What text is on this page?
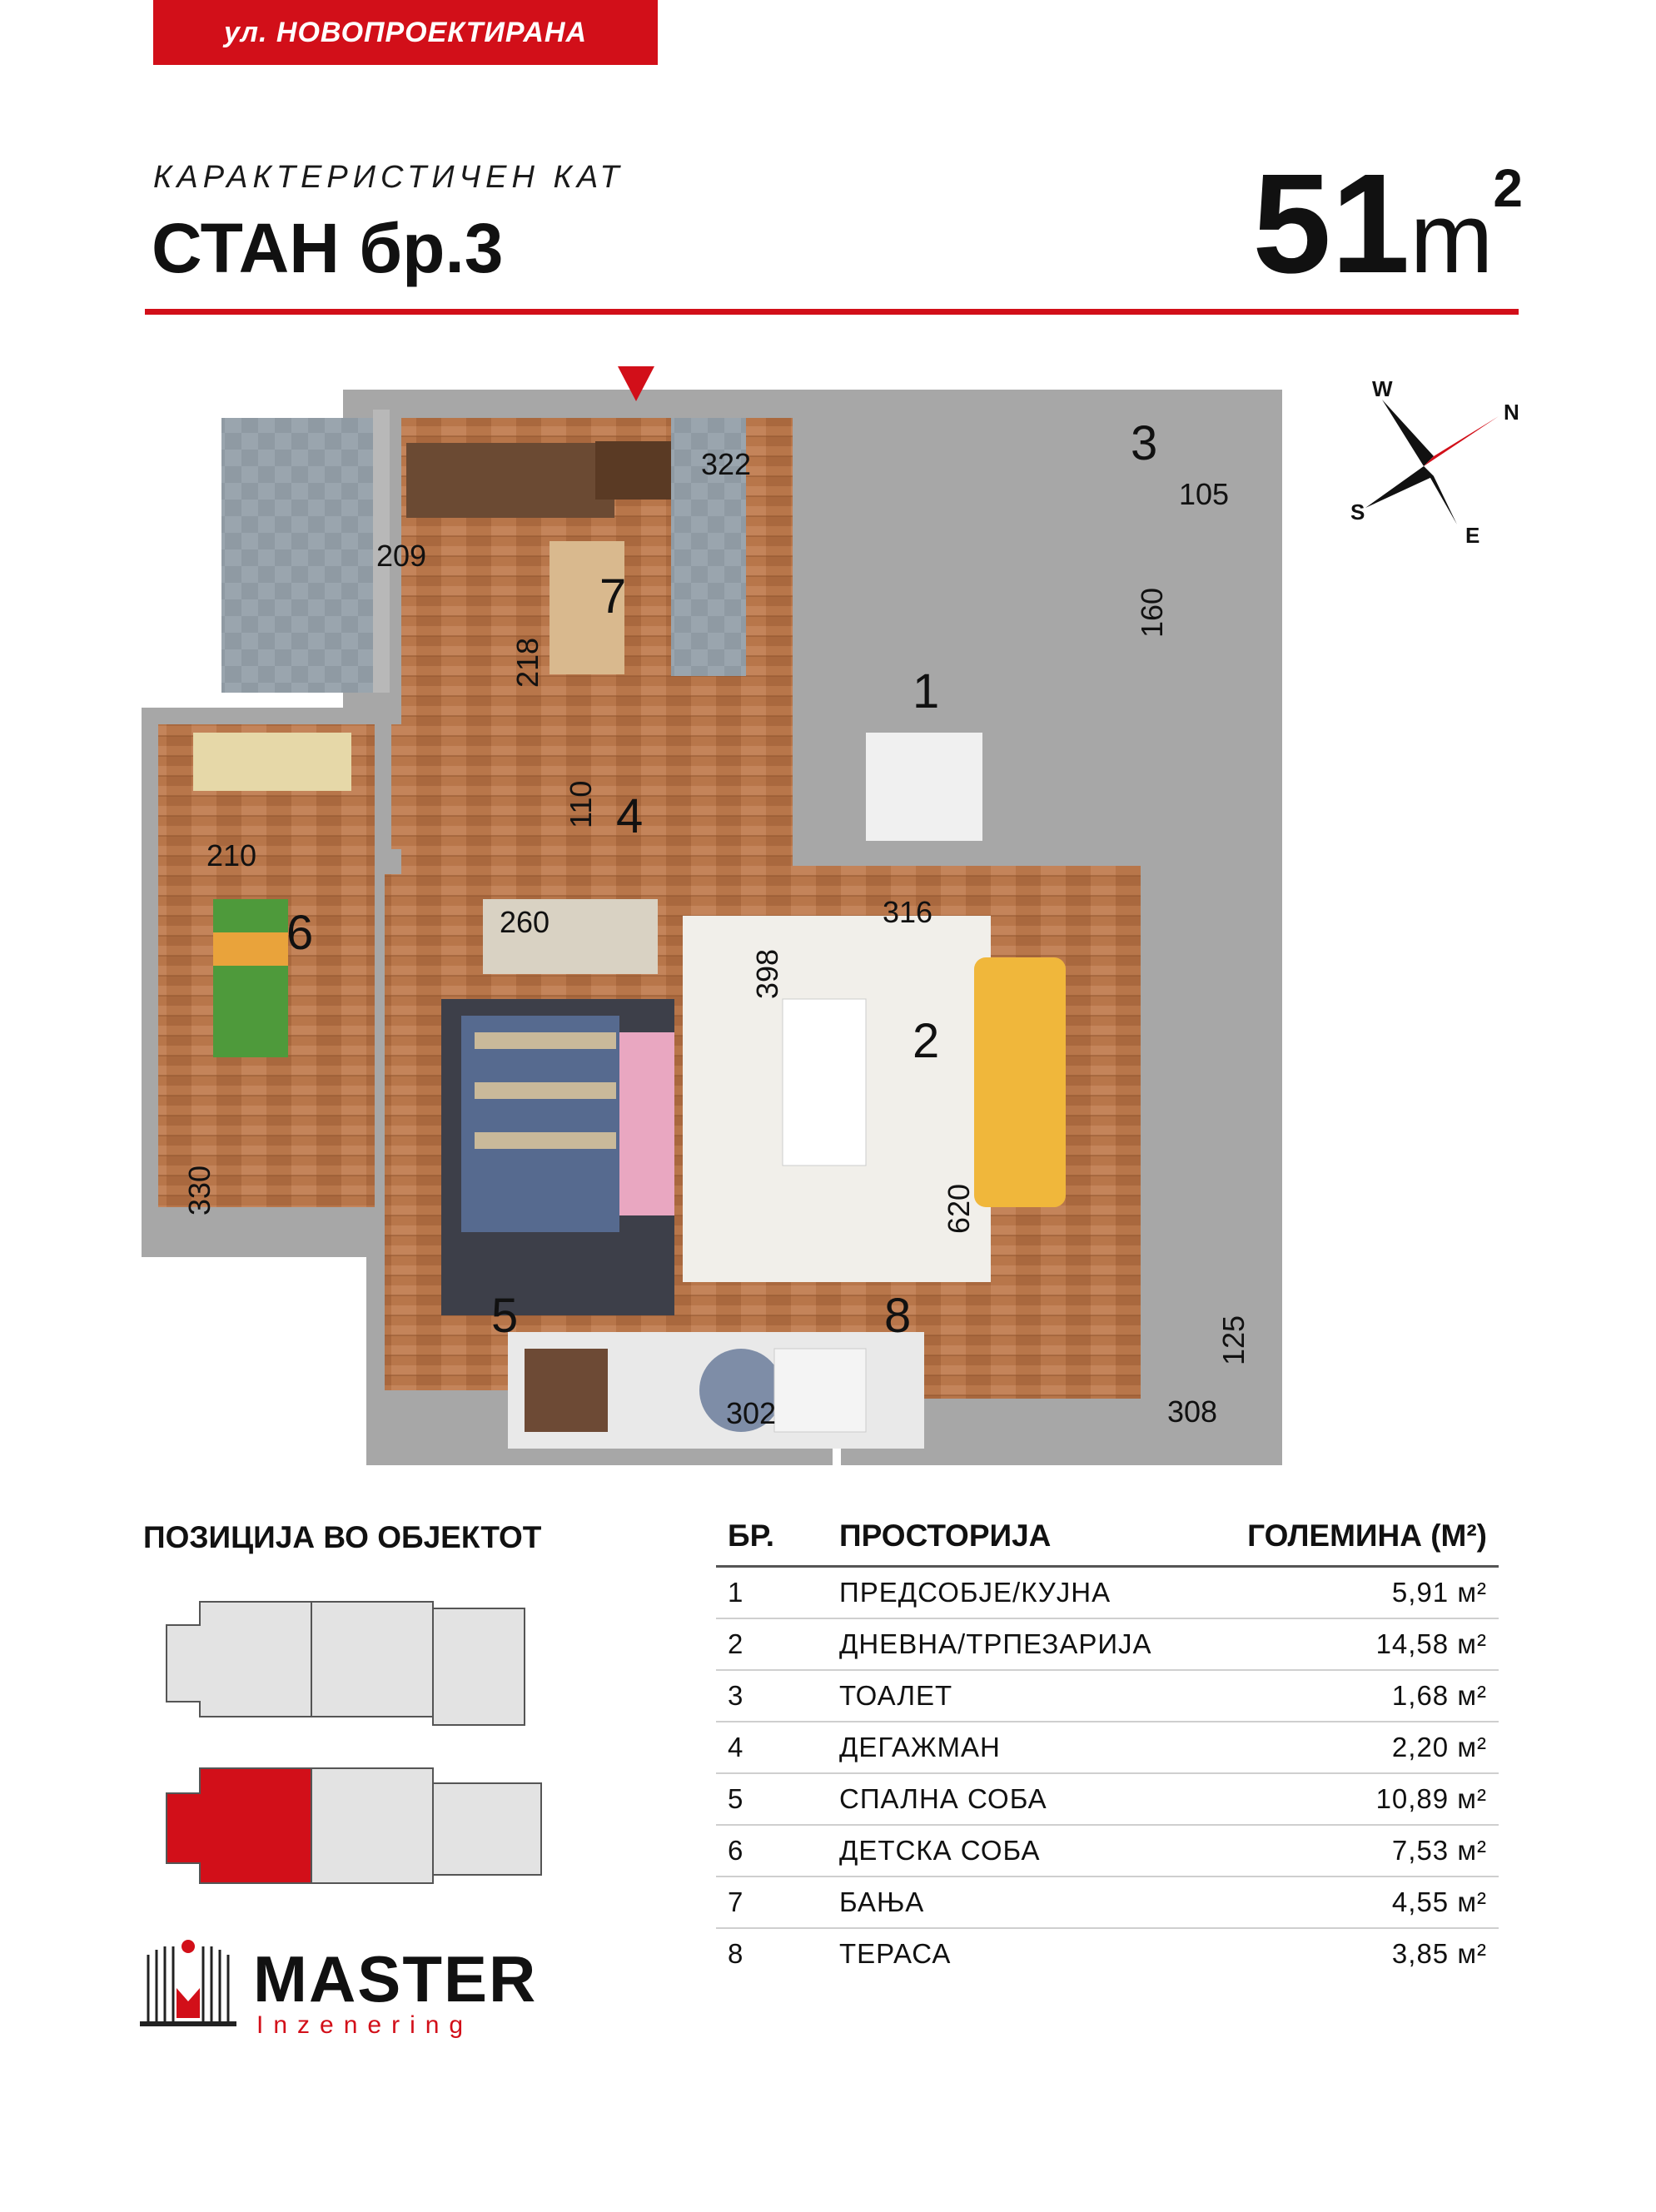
ул. НОВОПРОЕКТИРАНА
КАРАКТЕРИСТИЧЕН КАТ
СТАН бр.3	$51m^2$
1
2
3
4
5
6
7
8
322
209
218
105
160
110
210
260	316
398
330	620
125
302	308
W
N
S
E
ПОЗИЦИЈА ВО ОБЈЕКТОТ
MASTER
Inzenering
БР.	ПРОСТОРИЈА	ГОЛЕМИНА (М²)
1	ПРЕДСОБЈЕ/КУЈНА	5,91 м²
2	ДНЕВНА/ТРПЕЗАРИЈА	14,58 м²
3	ТОАЛЕТ	1,68 м²
4	ДЕГАЖМАН	2,20 м²
5	СПАЛНА СОБА	10,89 м²
6	ДЕТСКА СОБА	7,53 м²
7	БАЊА	4,55 м²
8	ТЕРАСА	3,85 м²
